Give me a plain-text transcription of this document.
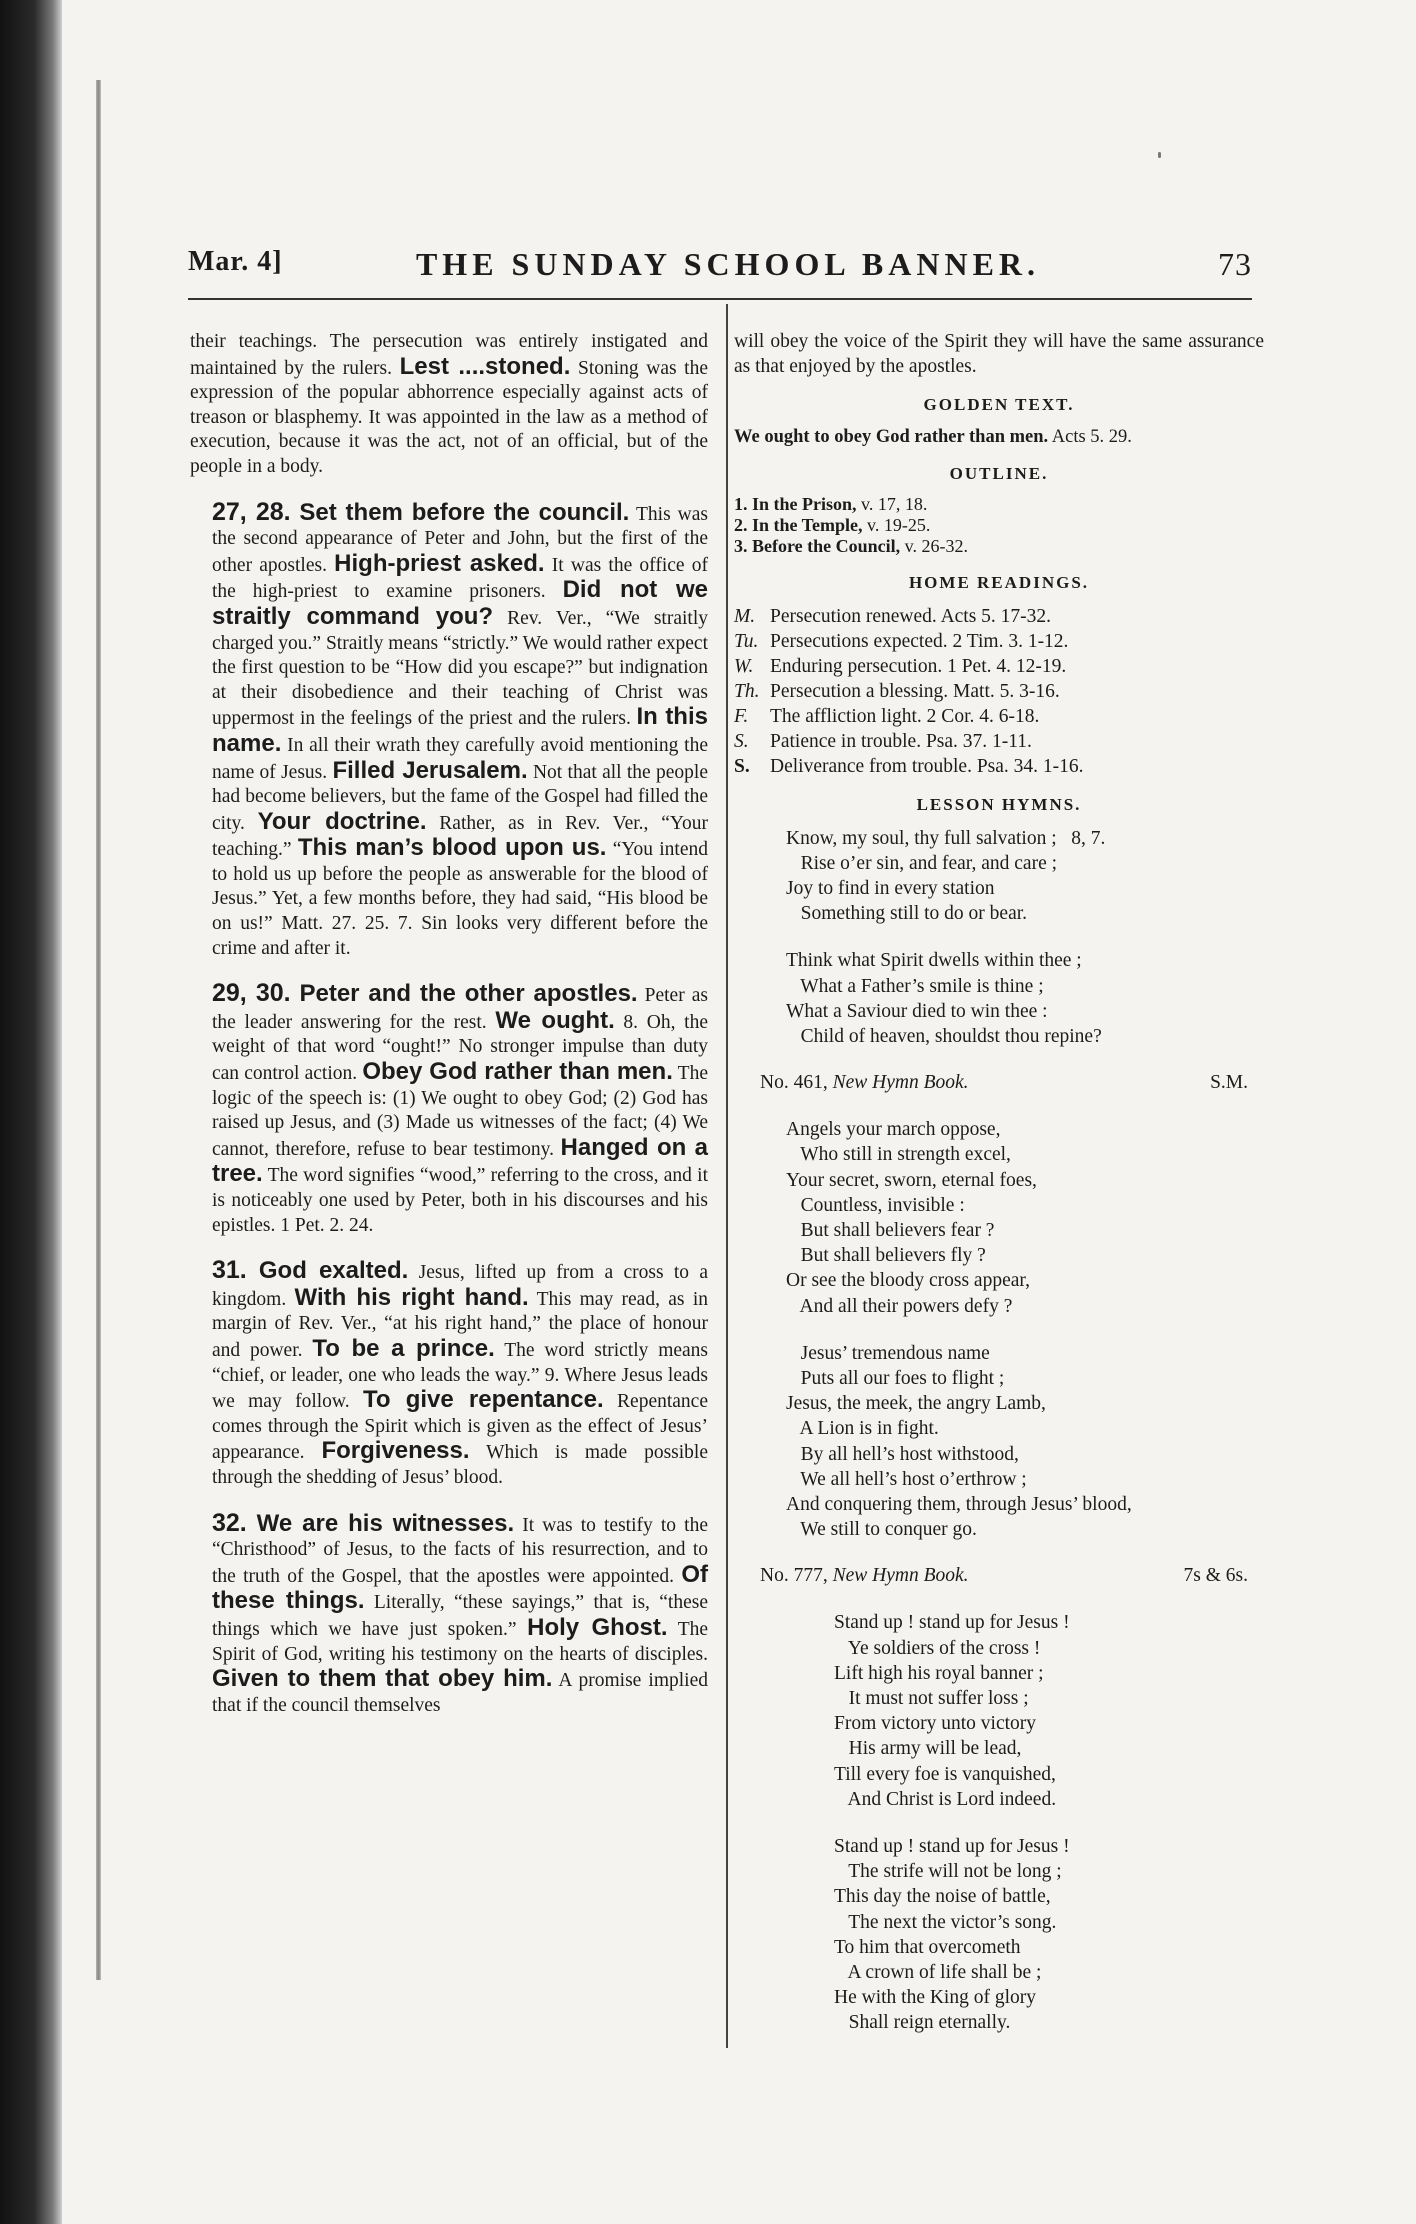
Mar. 4]	THE SUNDAY SCHOOL BANNER.	73

their teachings. The persecution was entirely instigated and maintained by the rulers. Lest ....stoned. Stoning was the expression of the popular abhorrence especially against acts of treason or blasphemy. It was appointed in the law as a method of execution, because it was the act, not of an official, but of the people in a body.

27, 28. Set them before the council. This was the second appearance of Peter and John, but the first of the other apostles. High-priest asked. It was the office of the high-priest to examine prisoners. Did not we straitly command you? Rev. Ver., “We straitly charged you.” Straitly means “strictly.” We would rather expect the first question to be “How did you escape?” but indignation at their disobedience and their teaching of Christ was uppermost in the feelings of the priest and the rulers. In this name. In all their wrath they carefully avoid mentioning the name of Jesus. Filled Jerusalem. Not that all the people had become believers, but the fame of the Gospel had filled the city. Your doctrine. Rather, as in Rev. Ver., “Your teaching.” This man’s blood upon us. “You intend to hold us up before the people as answerable for the blood of Jesus.” Yet, a few months before, they had said, “His blood be on us!” Matt. 27. 25. 7. Sin looks very different before the crime and after it.

29, 30. Peter and the other apostles. Peter as the leader answering for the rest. We ought. 8. Oh, the weight of that word “ought!” No stronger impulse than duty can control action. Obey God rather than men. The logic of the speech is: (1) We ought to obey God; (2) God has raised up Jesus, and (3) Made us witnesses of the fact; (4) We cannot, therefore, refuse to bear testimony. Hanged on a tree. The word signifies “wood,” referring to the cross, and it is noticeably one used by Peter, both in his discourses and his epistles. 1 Pet. 2. 24.

31. God exalted. Jesus, lifted up from a cross to a kingdom. With his right hand. This may read, as in margin of Rev. Ver., “at his right hand,” the place of honour and power. To be a prince. The word strictly means “chief, or leader, one who leads the way.” 9. Where Jesus leads we may follow. To give repentance. Repentance comes through the Spirit which is given as the effect of Jesus’ appearance. Forgiveness. Which is made possible through the shedding of Jesus’ blood.

32. We are his witnesses. It was to testify to the “Christhood” of Jesus, to the facts of his resurrection, and to the truth of the Gospel, that the apostles were appointed. Of these things. Literally, “these sayings,” that is, “these things which we have just spoken.” Holy Ghost. The Spirit of God, writing his testimony on the hearts of disciples. Given to them that obey him. A promise implied that if the council themselves

will obey the voice of the Spirit they will have the same assurance as that enjoyed by the apostles.

GOLDEN TEXT.

We ought to obey God rather than men. Acts 5. 29.

OUTLINE.
1. In the Prison, v. 17, 18.
2. In the Temple, v. 19-25.
3. Before the Council, v. 26-32.
HOME READINGS.
M. Persecution renewed. Acts 5. 17-32.
Tu. Persecutions expected. 2 Tim. 3. 1-12.
W. Enduring persecution. 1 Pet. 4. 12-19.
Th. Persecution a blessing. Matt. 5. 3-16.
F. The affliction light. 2 Cor. 4. 6-18.
S. Patience in trouble. Psa. 37. 1-11.
S. Deliverance from trouble. Psa. 34. 1-16.
LESSON HYMNS.
Know, my soul, thy full salvation ;   8, 7.
Rise o’er sin, and fear, and care ;
Joy to find in every station
Something still to do or bear.
Think what Spirit dwells within thee ;
What a Father’s smile is thine ;
What a Saviour died to win thee :
Child of heaven, shouldst thou repine?
No. 461, New Hymn Book.	S.M.
Angels your march oppose,
Who still in strength excel,
Your secret, sworn, eternal foes,
Countless, invisible :
But shall believers fear ?
But shall believers fly ?
Or see the bloody cross appear,
And all their powers defy ?
Jesus’ tremendous name
Puts all our foes to flight ;
Jesus, the meek, the angry Lamb,
A Lion is in fight.
By all hell’s host withstood,
We all hell’s host o’erthrow ;
And conquering them, through Jesus’ blood,
We still to conquer go.
No. 777, New Hymn Book.	7s & 6s.
Stand up ! stand up for Jesus !
Ye soldiers of the cross !
Lift high his royal banner ;
It must not suffer loss ;
From victory unto victory
His army will be lead,
Till every foe is vanquished,
And Christ is Lord indeed.
Stand up ! stand up for Jesus !
The strife will not be long ;
This day the noise of battle,
The next the victor’s song.
To him that overcometh
A crown of life shall be ;
He with the King of glory
Shall reign eternally.
